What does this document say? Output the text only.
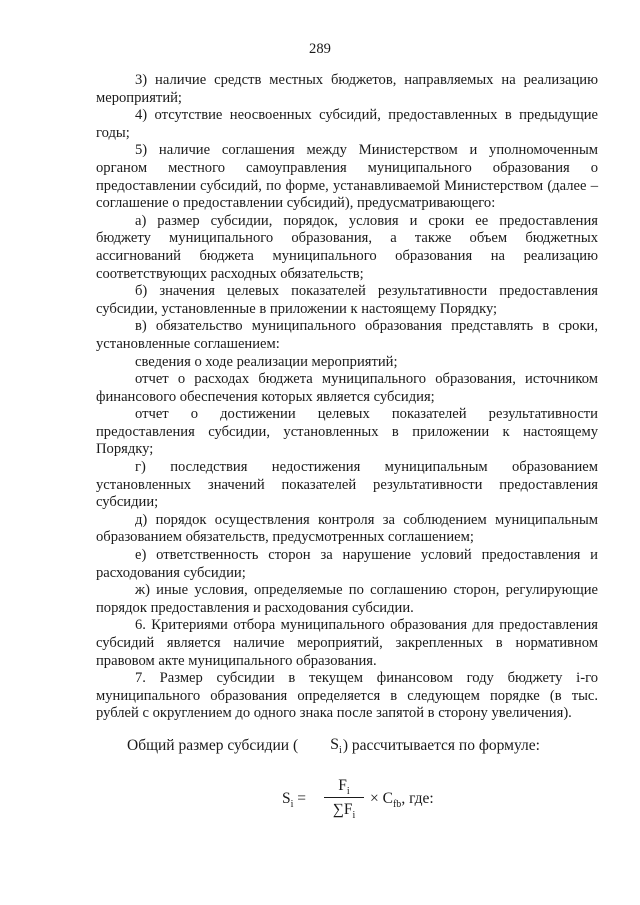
289

3) наличие средств местных бюджетов, направляемых на реализацию мероприятий;

4) отсутствие неосвоенных субсидий, предоставленных в предыдущие годы;

5) наличие соглашения между Министерством и уполномоченным органом местного самоуправления муниципального образования о предоставлении субсидий, по форме, устанавливаемой Министерством (далее – соглашение о предоставлении субсидий), предусматривающего:

а) размер субсидии, порядок, условия и сроки ее предоставления бюджету муниципального образования, а также объем бюджетных ассигнований бюджета муниципального образования на реализацию соответствующих расходных обязательств;

б) значения целевых показателей результативности предоставления субсидии, установленные в приложении к настоящему Порядку;

в) обязательство муниципального образования представлять в сроки, установленные соглашением:

сведения о ходе реализации мероприятий;

отчет о расходах бюджета муниципального образования, источником финансового обеспечения которых является субсидия;

отчет о достижении целевых показателей результативности предоставления субсидии, установленных в приложении к настоящему Порядку;

г) последствия недостижения муниципальным образованием установленных значений показателей результативности предоставления субсидии;

д) порядок осуществления контроля за соблюдением муниципальным образованием обязательств, предусмотренных соглашением;

е) ответственность сторон за нарушение условий предоставления и расходования субсидии;

ж) иные условия, определяемые по соглашению сторон, регулирующие порядок предоставления и расходования субсидии.

6. Критериями отбора муниципального образования для предоставления субсидий является наличие мероприятий, закрепленных в нормативном правовом акте муниципального образования.

7. Размер субсидии в текущем финансовом году бюджету i-го муниципального образования определяется в следующем порядке (в тыс. рублей с округлением до одного знака после запятой в сторону увеличения).

Общий размер субсидии ( $S_i$) рассчитывается по формуле:

$S_i$ =
$F_i$
$\sum F_i$
× $C_{fb}$, где:
